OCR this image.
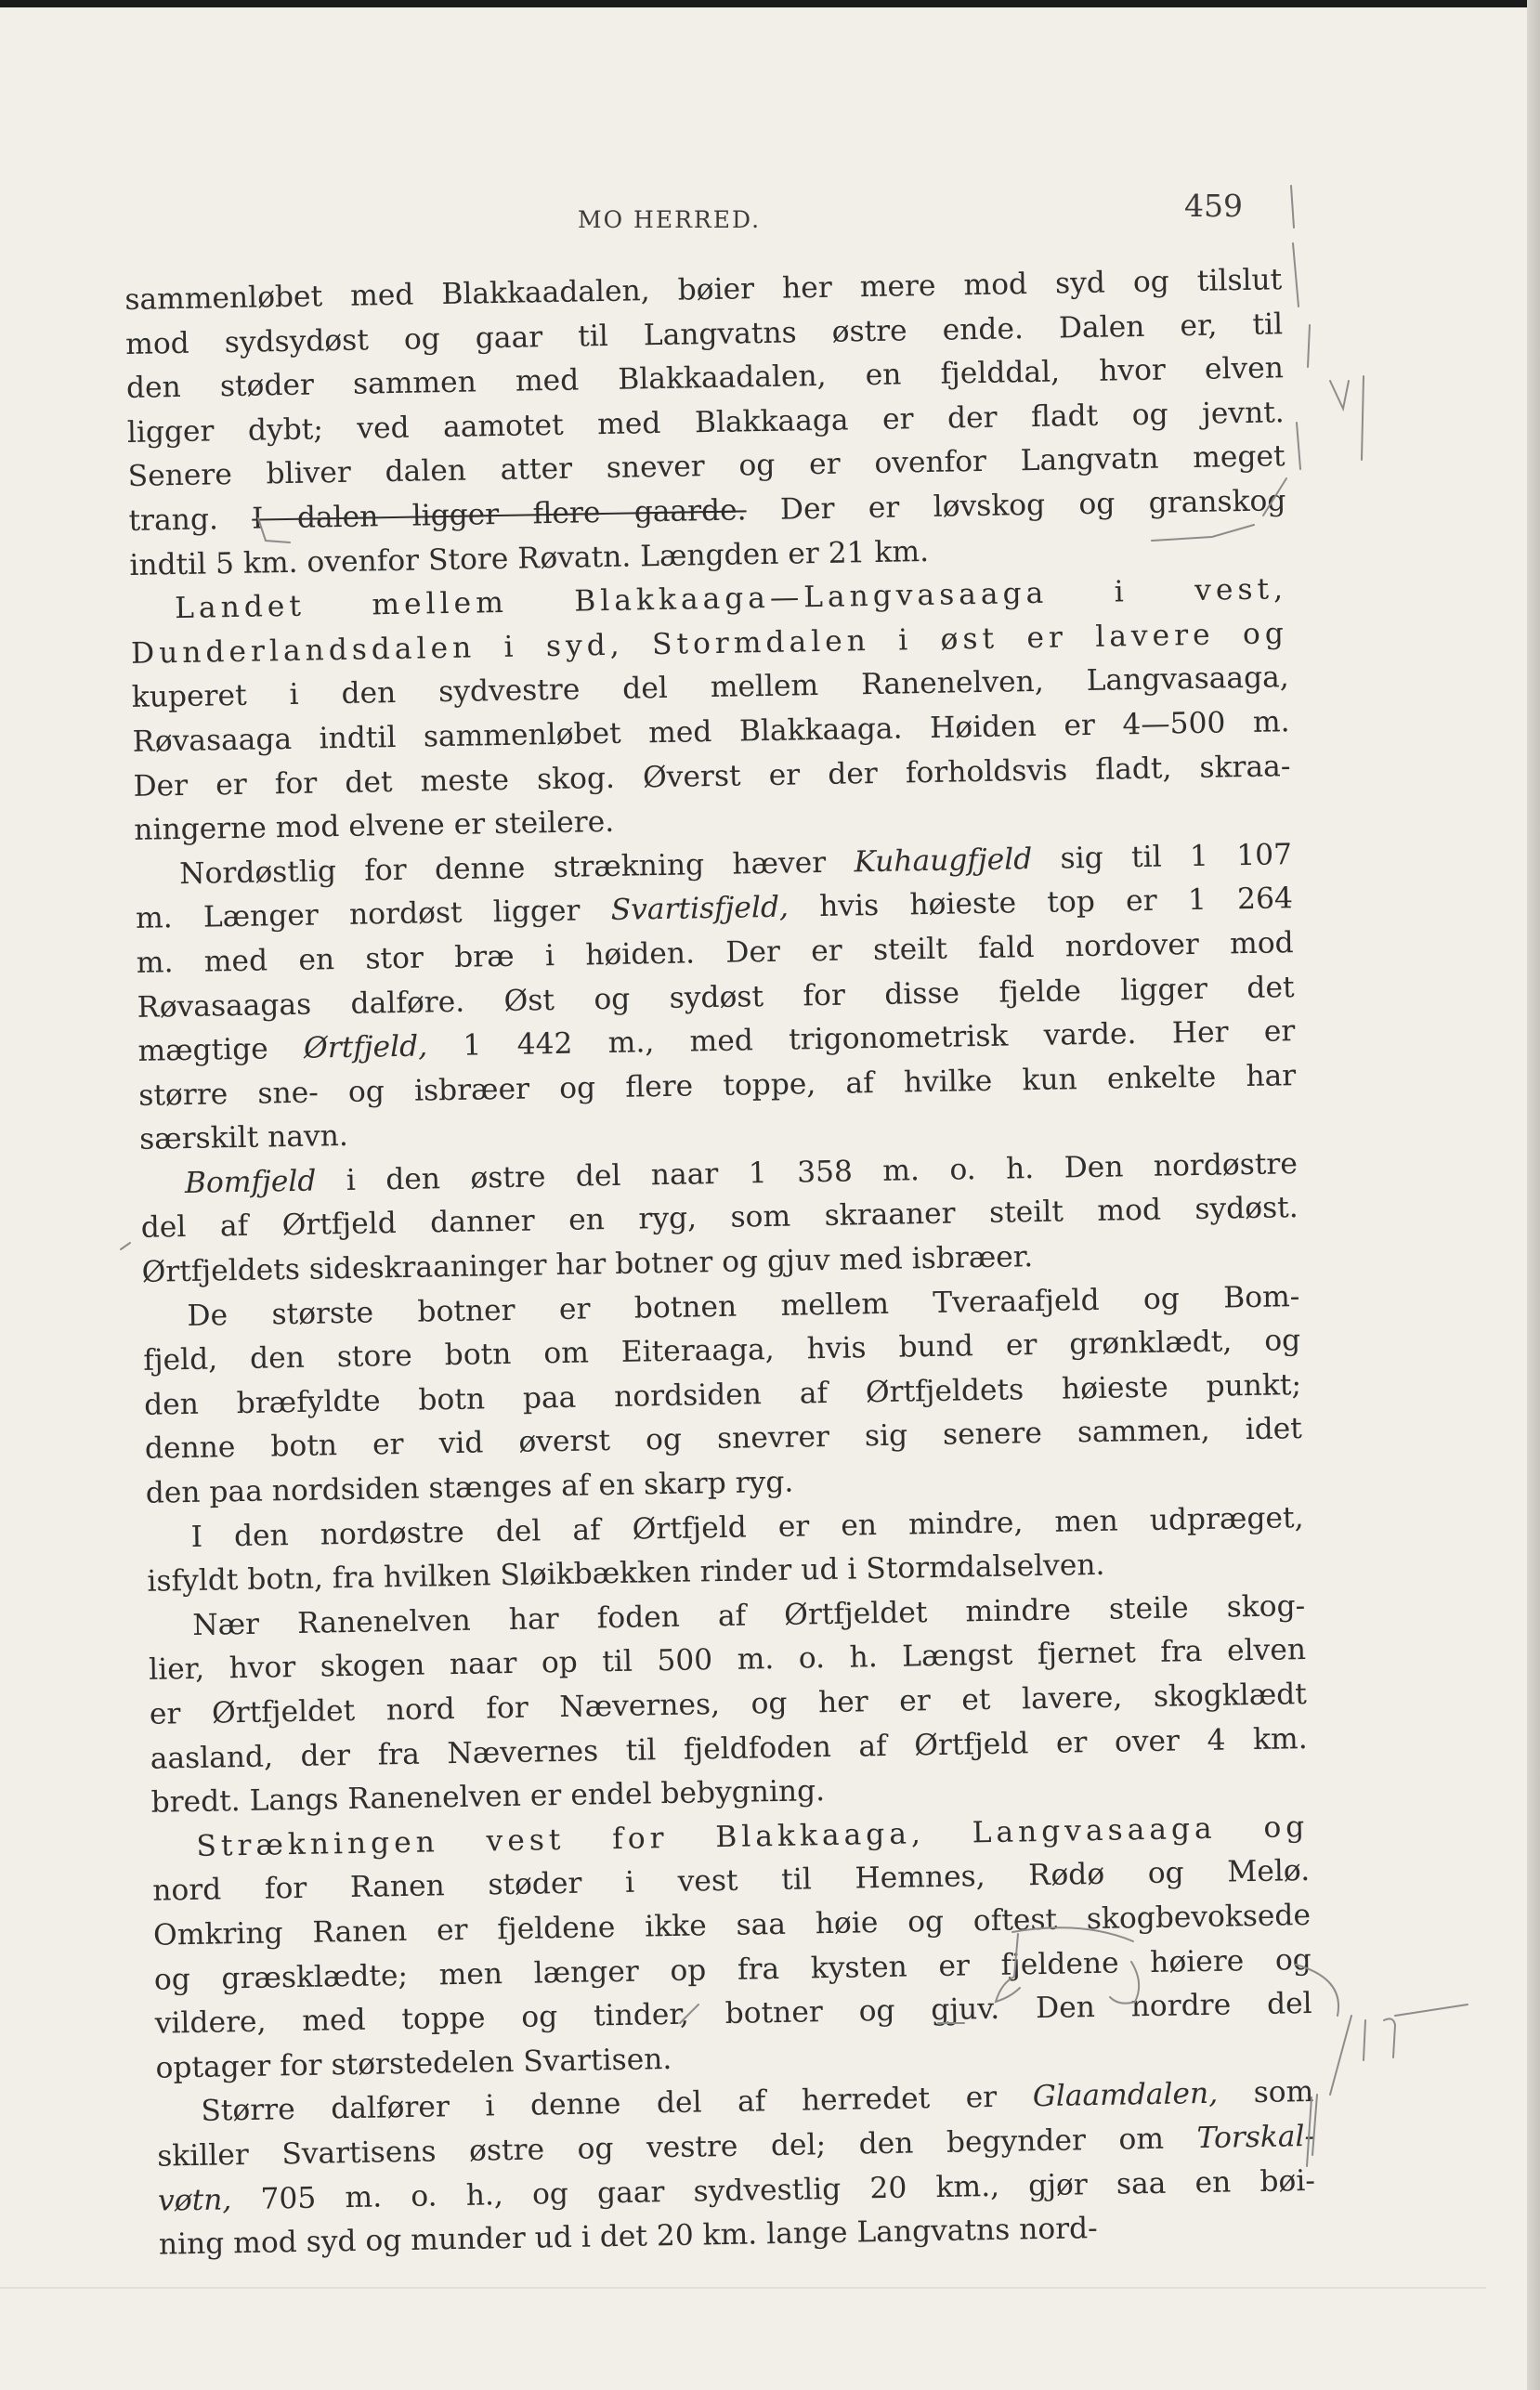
MO HERRED.	459
sammenløbet med Blakkaadalen, bøier her mere mod syd og tilslut
mod sydsydøst og gaar til Langvatns østre ende. Dalen er, til
den støder sammen med Blakkaadalen, en fjelddal, hvor elven
ligger dybt; ved aamotet med Blakkaaga er der fladt og jevnt.
Senere bliver dalen atter snever og er ovenfor Langvatn meget
trang. I dalen ligger flere gaarde. Der er løvskog og granskog
indtil 5 km. ovenfor Store Røvatn. Længden er 21 km.
Landet mellem Blakkaaga—Langvasaaga i vest,
Dunderlandsdalen i syd, Stormdalen i øst er lavere og
kuperet i den sydvestre del mellem Ranenelven, Langvasaaga,
Røvasaaga indtil sammenløbet med Blakkaaga. Høiden er 4—500 m.
Der er for det meste skog. Øverst er der forholdsvis fladt, skraa-
ningerne mod elvene er steilere.
Nordøstlig for denne strækning hæver Kuhaugfjeld sig til 1 107
m. Længer nordøst ligger Svartisfjeld, hvis høieste top er 1 264
m. med en stor bræ i høiden. Der er steilt fald nordover mod
Røvasaagas dalføre. Øst og sydøst for disse fjelde ligger det
mægtige Ørtfjeld, 1 442 m., med trigonometrisk varde. Her er
større sne- og isbræer og flere toppe, af hvilke kun enkelte har
særskilt navn.
Bomfjeld i den østre del naar 1 358 m. o. h. Den nordøstre
del af Ørtfjeld danner en ryg, som skraaner steilt mod sydøst.
Ørtfjeldets sideskraaninger har botner og gjuv med isbræer.
De største botner er botnen mellem Tveraafjeld og Bom-
fjeld, den store botn om Eiteraaga, hvis bund er grønklædt, og
den bræfyldte botn paa nordsiden af Ørtfjeldets høieste punkt;
denne botn er vid øverst og snevrer sig senere sammen, idet
den paa nordsiden stænges af en skarp ryg.
I den nordøstre del af Ørtfjeld er en mindre, men udpræget,
isfyldt botn, fra hvilken Sløikbækken rinder ud i Stormdalselven.
Nær Ranenelven har foden af Ørtfjeldet mindre steile skog-
lier, hvor skogen naar op til 500 m. o. h. Længst fjernet fra elven
er Ørtfjeldet nord for Nævernes, og her er et lavere, skogklædt
aasland, der fra Nævernes til fjeldfoden af Ørtfjeld er over 4 km.
bredt. Langs Ranenelven er endel bebygning.
Strækningen vest for Blakkaaga, Langvasaaga og
nord for Ranen støder i vest til Hemnes, Rødø og Melø.
Omkring Ranen er fjeldene ikke saa høie og oftest skogbevoksede
og græsklædte; men længer op fra kysten er fjeldene høiere og
vildere, med toppe og tinder, botner og gjuv. Den nordre del
optager for størstedelen Svartisen.
Større dalfører i denne del af herredet er Glaamdalen, som
skiller Svartisens østre og vestre del; den begynder om Torskal-
vøtn, 705 m. o. h., og gaar sydvestlig 20 km., gjør saa en bøi-
ning mod syd og munder ud i det 20 km. lange Langvatns nord-
